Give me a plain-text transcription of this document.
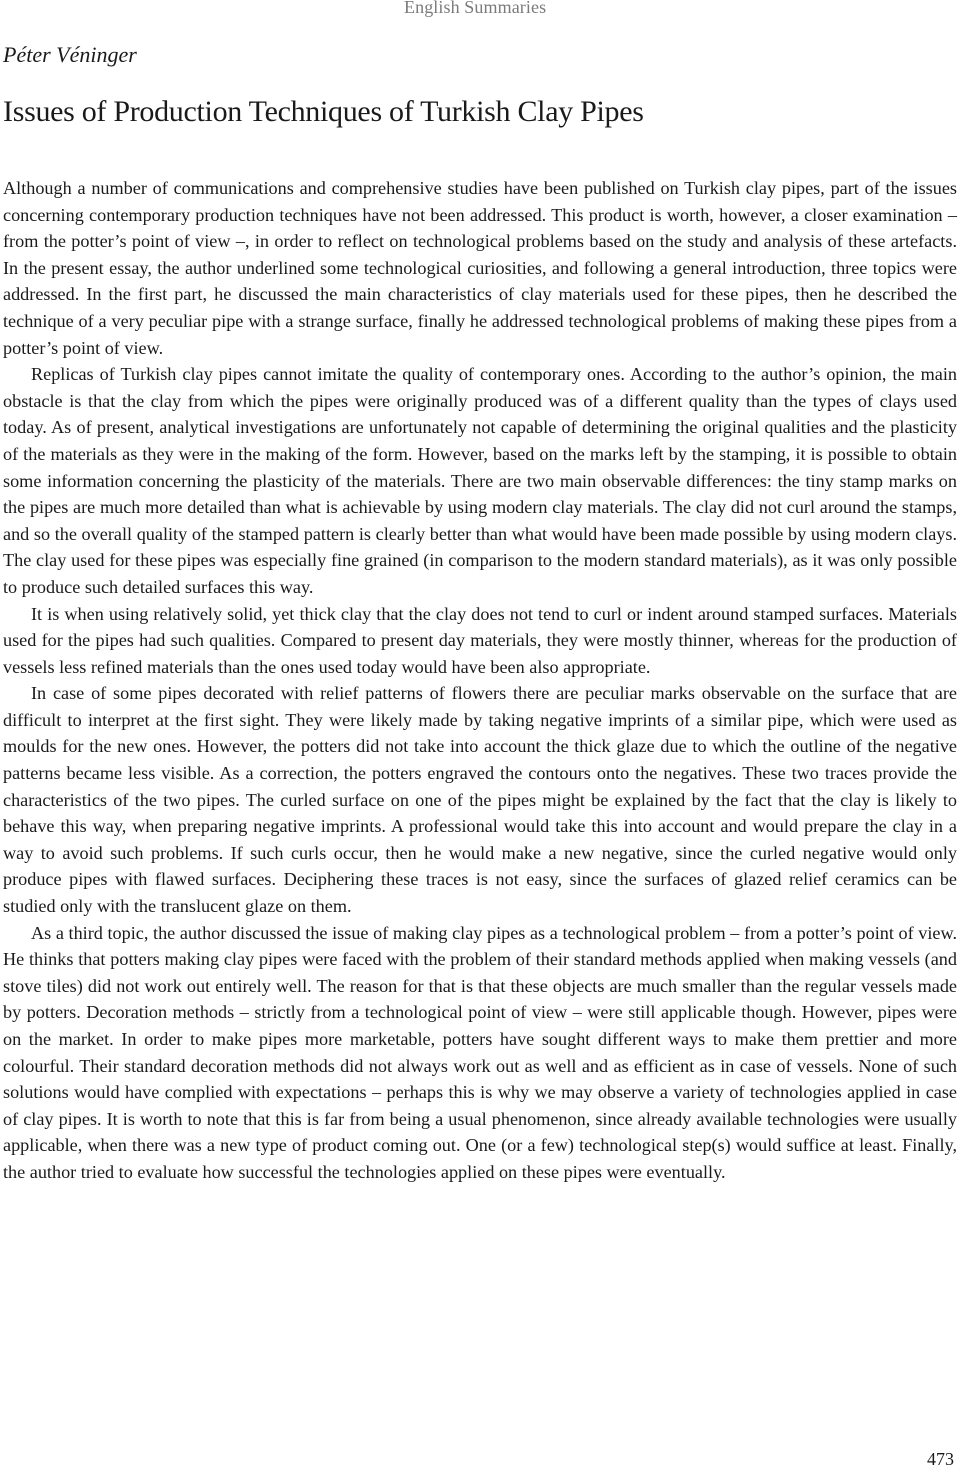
English Summaries
Péter Véninger
Issues of Production Techniques of Turkish Clay Pipes

Although a number of communications and comprehensive studies have been published on Turkish clay pipes, part of the issues concerning contemporary production techniques have not been addressed. This product is worth, however, a closer examination – from the potter’s point of view –, in order to reflect on technological problems based on the study and analysis of these artefacts. In the present essay, the author underlined some technological curiosities, and following a general introduction, three topics were addressed. In the first part, he discussed the main characteristics of clay materials used for these pipes, then he described the technique of a very peculiar pipe with a strange surface, finally he addressed technological problems of making these pipes from a potter’s point of view.

Replicas of Turkish clay pipes cannot imitate the quality of contemporary ones. According to the author’s opinion, the main obstacle is that the clay from which the pipes were originally produced was of a different quality than the types of clays used today. As of present, analytical investigations are unfortunately not capable of determining the original qualities and the plasticity of the materials as they were in the making of the form. However, based on the marks left by the stamping, it is possible to obtain some information concerning the plasticity of the materials. There are two main observable differences: the tiny stamp marks on the pipes are much more detailed than what is achievable by using modern clay materials. The clay did not curl around the stamps, and so the overall quality of the stamped pattern is clearly better than what would have been made possible by using modern clays. The clay used for these pipes was especially fine grained (in comparison to the modern standard materials), as it was only possible to produce such detailed surfaces this way.

It is when using relatively solid, yet thick clay that the clay does not tend to curl or indent around stamped surfaces. Materials used for the pipes had such qualities. Compared to present day materials, they were mostly thinner, whereas for the production of vessels less refined materials than the ones used today would have been also appropriate.

In case of some pipes decorated with relief patterns of flowers there are peculiar marks observable on the surface that are difficult to interpret at the first sight. They were likely made by taking negative imprints of a similar pipe, which were used as moulds for the new ones. However, the potters did not take into account the thick glaze due to which the outline of the negative patterns became less visible. As a correction, the potters engraved the contours onto the negatives. These two traces provide the characteristics of the two pipes. The curled surface on one of the pipes might be explained by the fact that the clay is likely to behave this way, when preparing negative imprints. A professional would take this into account and would prepare the clay in a way to avoid such problems. If such curls occur, then he would make a new negative, since the curled negative would only produce pipes with flawed surfaces. Deciphering these traces is not easy, since the surfaces of glazed relief ceramics can be studied only with the translucent glaze on them.

As a third topic, the author discussed the issue of making clay pipes as a technological problem – from a potter’s point of view. He thinks that potters making clay pipes were faced with the problem of their standard methods applied when making vessels (and stove tiles) did not work out entirely well. The reason for that is that these objects are much smaller than the regular vessels made by potters. Decoration methods – strictly from a technological point of view – were still applicable though. However, pipes were on the market. In order to make pipes more marketable, potters have sought different ways to make them prettier and more colourful. Their standard decoration methods did not always work out as well and as efficient as in case of vessels. None of such solutions would have complied with expectations – perhaps this is why we may observe a variety of technologies applied in case of clay pipes. It is worth to note that this is far from being a usual phenomenon, since already available technologies were usually applicable, when there was a new type of product coming out. One (or a few) technological step(s) would suffice at least. Finally, the author tried to evaluate how successful the technologies applied on these pipes were eventually.

473
